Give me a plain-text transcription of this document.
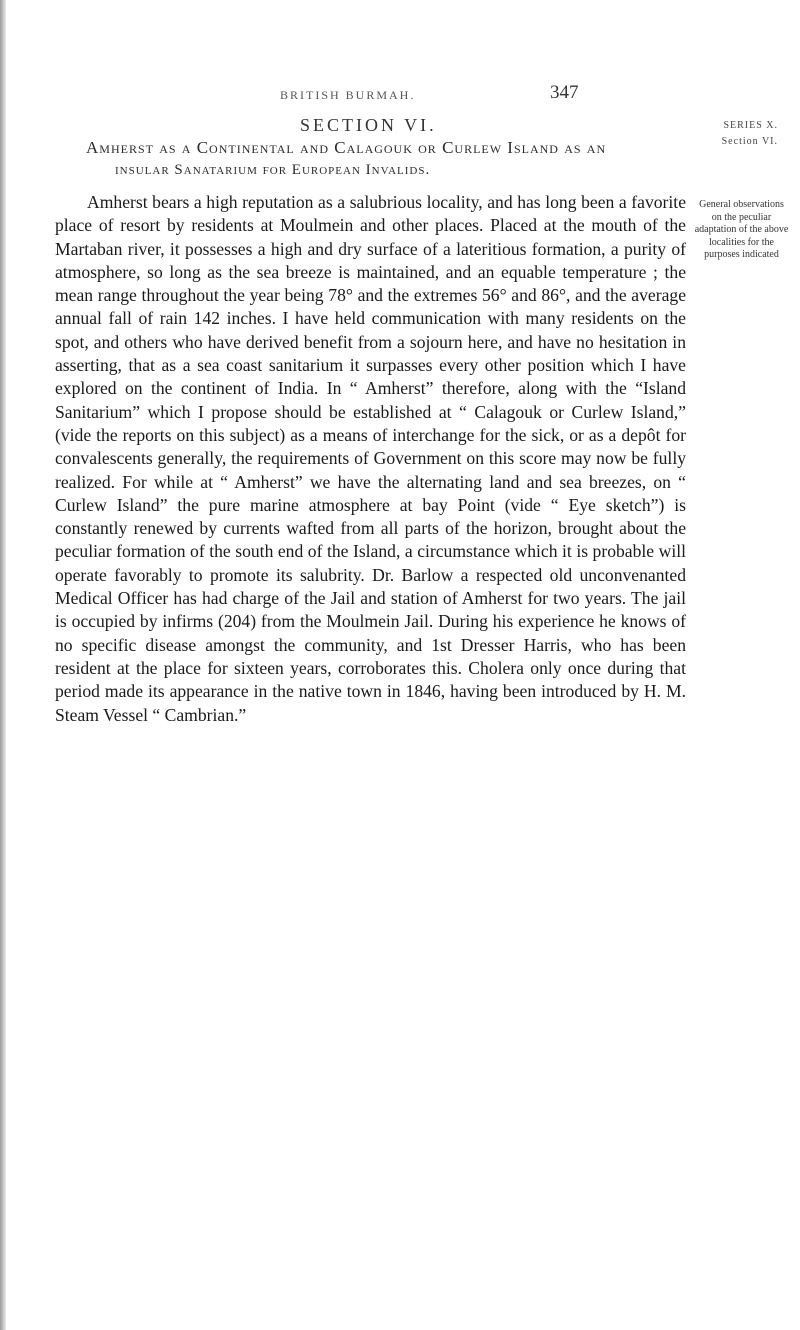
BRITISH BURMAH.	347
SECTION VI.	SERIES X.
Section VI.
Amherst as a Continental and Calagouk or Curlew Island as an
insular Sanatarium for European Invalids.

Amherst bears a high reputation as a salubrious locality, and has long been a favorite place of resort by residents at Moulmein and other places. Placed at the mouth of the Martaban river, it possesses a high and dry surface of a lateritious formation, a purity of atmosphere, so long as the sea breeze is maintained, and an equable temperature ; the mean range throughout the year being 78° and the extremes 56° and 86°, and the average annual fall of rain 142 inches. I have held communication with many residents on the spot, and others who have derived benefit from a sojourn here, and have no hesitation in asserting, that as a sea coast sanitarium it surpasses every other position which I have explored on the continent of India. In “ Amherst” therefore, along with the “Island Sanitarium” which I propose should be established at “ Calagouk or Curlew Island,” (vide the reports on this subject) as a means of interchange for the sick, or as a depôt for convalescents generally, the requirements of Government on this score may now be fully realized. For while at “ Amherst” we have the alternating land and sea breezes, on “ Curlew Island” the pure marine atmosphere at bay Point (vide “ Eye sketch”) is constantly renewed by currents wafted from all parts of the horizon, brought about the peculiar formation of the south end of the Island, a circumstance which it is probable will operate favorably to promote its salubrity. Dr. Barlow a respected old unconvenanted Medical Officer has had charge of the Jail and station of Amherst for two years. The jail is occupied by infirms (204) from the Moulmein Jail. During his experience he knows of no specific disease amongst the community, and 1st Dresser Harris, who has been resident at the place for sixteen years, corroborates this. Cholera only once during that period made its appearance in the native town in 1846, having been introduced by H. M. Steam Vessel “ Cambrian.”

General observations on the peculiar adaptation of the above localities for the purposes indicated
